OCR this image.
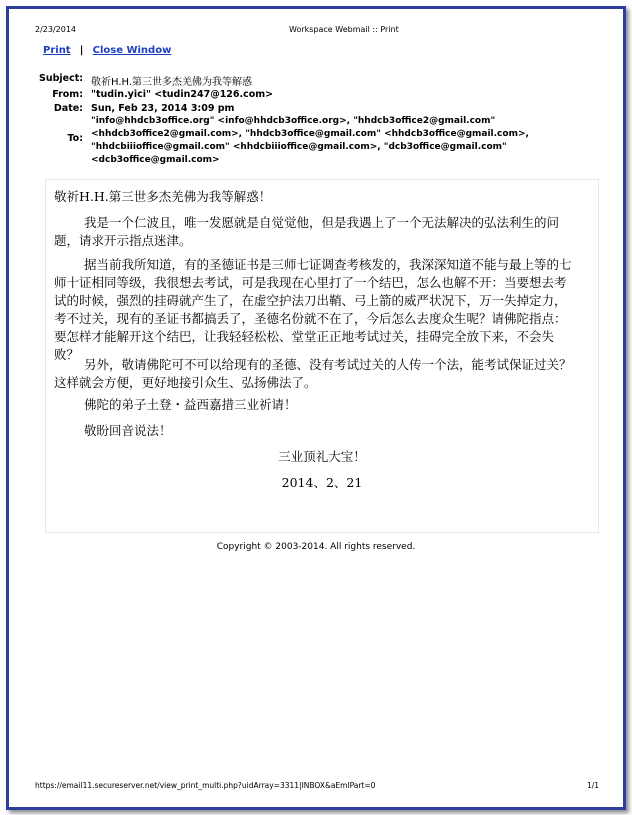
2/23/2014	Workspace Webmail :: Print
Print | Close Window
Subject: 敬祈H.H.第三世多杰羌佛为我等解惑
From: "tudin.yici" <tudin247@126.com>
Date: Sun, Feb 23, 2014 3:09 pm
To:
"info@hhdcb3office.org" <info@hhdcb3office.org>, "hhdcb3office2@gmail.com"
<hhdcb3office2@gmail.com>, "hhdcb3office@gmail.com" <hhdcb3office@gmail.com>,
"hhdcbiiioffice@gmail.com" <hhdcbiiioffice@gmail.com>, "dcb3office@gmail.com"
<dcb3office@gmail.com>
敬祈H.H.第三世多杰羌佛为我等解惑！

我是一个仁波且，唯一发愿就是自觉觉他，但是我遇上了一个无法解决的弘法利生的问题，请求开示指点迷津。

据当前我所知道，有的圣德证书是三师七证调查考核发的，我深深知道不能与最上等的七师十证相同等级，我很想去考试，可是我现在心里打了一个结巴，怎么也解不开：当要想去考试的时候，强烈的挂碍就产生了，在虚空护法刀出鞘、弓上箭的威严状况下，万一失掉定力，考不过关，现有的圣证书都搞丢了，圣德名份就不在了，今后怎么去度众生呢？请佛陀指点：要怎样才能解开这个结巴，让我轻轻松松、堂堂正正地考试过关，挂碍完全放下来，不会失败？

另外，敬请佛陀可不可以给现有的圣德、没有考试过关的人传一个法，能考试保证过关？这样就会方便，更好地接引众生、弘扬佛法了。

佛陀的弟子土登・益西嘉措三业祈请！

敬盼回音说法！

三业顶礼大宝！
2014、2、21
Copyright © 2003-2014. All rights reserved.
https://email11.secureserver.net/view_print_multi.php?uidArray=3311|INBOX&aEmlPart=0	1/1
